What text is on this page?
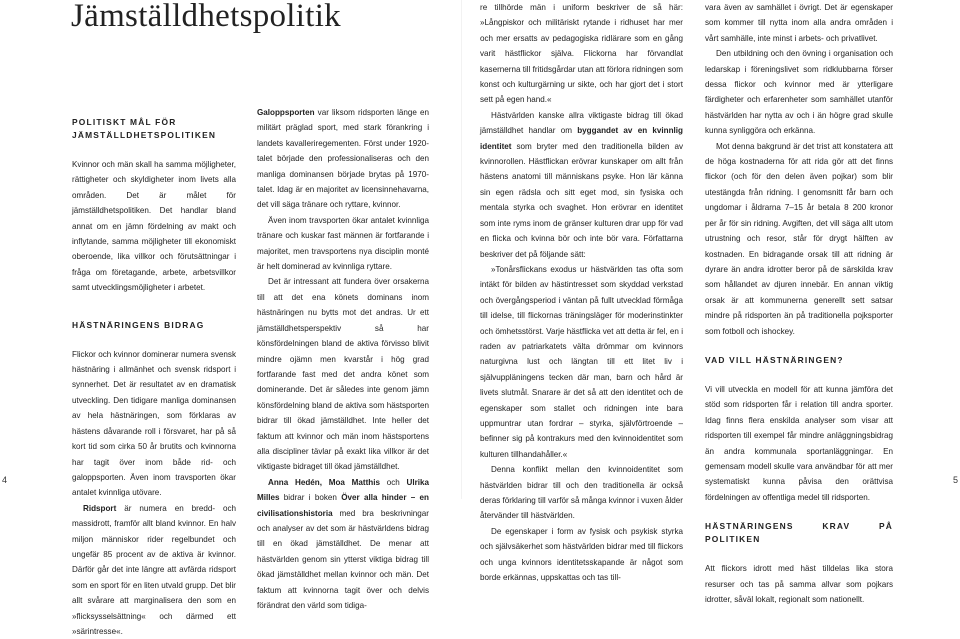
Jämställdhetspolitik
POLITISKT MÅL FÖR
JÄMSTÄLLDHETSPOLITIKEN

Kvinnor och män skall ha samma möjligheter, rättigheter och skyldigheter inom livets alla områden. Det är målet för jämställdhetspolitiken. Det handlar bland annat om en jämn fördelning av makt och inflytande, samma möjligheter till ekonomiskt oberoende, lika villkor och förutsättningar i fråga om företagande, arbete, arbetsvillkor samt utvecklingsmöjligheter i arbetet.

HÄSTNÄRINGENS BIDRAG

Flickor och kvinnor dominerar numera svensk hästnäring i allmänhet och svensk ridsport i synnerhet. Det är resultatet av en dramatisk utveckling. Den tidigare manliga dominansen av hela hästnäringen, som förklaras av hästens dåvarande roll i försvaret, har på så kort tid som cirka 50 år brutits och kvinnorna har tagit över inom både rid- och galoppsporten. Även inom travsporten ökar antalet kvinnliga utövare.

Ridsport är numera en bredd- och massidrott, framför allt bland kvinnor. En halv miljon människor rider regelbundet och ungefär 85 procent av de aktiva är kvinnor. Därför går det inte längre att avfärda ridsport som en sport för en liten utvald grupp. Det blir allt svårare att marginalisera den som en »flicksysselsättning« och därmed ett »särintresse«.

Galoppsporten var liksom ridsporten länge en militärt präglad sport, med stark förankring i landets kavalleriregementen. Först under 1920-talet började den professionaliseras och den manliga dominansen började brytas på 1970-talet. Idag är en majoritet av licensinnehavarna, det vill säga tränare och ryttare, kvinnor.

Även inom travsporten ökar antalet kvinnliga tränare och kuskar fast männen är fortfarande i majoritet, men travsportens nya disciplin monté är helt dominerad av kvinnliga ryttare.

Det är intressant att fundera över orsakerna till att det ena könets dominans inom hästnäringen nu bytts mot det andras. Ur ett jämställdhetsperspektiv så har könsfördelningen bland de aktiva förvisso blivit mindre ojämn men kvarstår i hög grad fortfarande fast med det andra könet som dominerande. Det är således inte genom jämn könsfördelning bland de aktiva som hästsporten bidrar till ökad jämställdhet. Inte heller det faktum att kvinnor och män inom hästsportens alla discipliner tävlar på exakt lika villkor är det viktigaste bidraget till ökad jämställdhet.

Anna Hedén, Moa Matthis och Ulrika Milles bidrar i boken Över alla hinder – en civilisationshistoria med bra beskrivningar och analyser av det som är hästvärldens bidrag till en ökad jämställdhet. De menar att hästvärlden genom sin ytterst viktiga bidrag till ökad jämställdhet mellan kvinnor och män. Det faktum att kvinnorna tagit över och delvis förändrat den värld som tidiga-

re tillhörde män i uniform beskriver de så här: »Långpiskor och militäriskt rytande i ridhuset har mer och mer ersatts av pedagogiska ridlärare som en gång varit hästflickor själva. Flickorna har förvandlat kasernerna till fritidsgårdar utan att förlora ridningen som konst och kulturgärning ur sikte, och har gjort det i stort sett på egen hand.«

Hästvärlden kanske allra viktigaste bidrag till ökad jämställdhet handlar om byggandet av en kvinnlig identitet som bryter med den traditionella bilden av kvinnorollen. Hästflickan erövrar kunskaper om allt från hästens anatomi till människans psyke. Hon lär känna sin egen rädsla och sitt eget mod, sin fysiska och mentala styrka och svaghet. Hon erövrar en identitet som inte ryms inom de gränser kulturen drar upp för vad en flicka och kvinna bör och inte bör vara. Författarna beskriver det på följande sätt:

»Tonårsflickans exodus ur hästvärlden tas ofta som intäkt för bilden av hästintresset som skyddad verkstad och övergångsperiod i väntan på fullt utvecklad förmåga till idelse, till flickornas träningsläger för moderinstinkter och ömhetsstörst. Varje hästflicka vet att detta är fel, en i raden av patriarkatets välta drömmar om kvinnors naturgivna lust och längtan till ett litet liv i självuppläningens tecken där man, barn och hård är livets slutmål. Snarare är det så att den identitet och de egenskaper som stallet och ridningen inte bara uppmuntrar utan fordrar – styrka, självförtroende – befinner sig på kontrakurs med den kvinnoidentitet som kulturen tillhandahåller.«

Denna konflikt mellan den kvinnoidentitet som hästvärlden bidrar till och den traditionella är också deras förklaring till varför så många kvinnor i vuxen ålder återvänder till hästvärlden.

De egenskaper i form av fysisk och psykisk styrka och självsäkerhet som hästvärlden bidrar med till flickors och unga kvinnors identitetsskapande är något som borde erkännas, uppskattas och tas till-

vara även av samhället i övrigt. Det är egenskaper som kommer till nytta inom alla andra områden i vårt samhälle, inte minst i arbets- och privatlivet.

Den utbildning och den övning i organisation och ledarskap i föreningslivet som ridklubbarna förser dessa flickor och kvinnor med är ytterligare färdigheter och erfarenheter som samhället utanför hästvärlden har nytta av och i än högre grad skulle kunna synliggöra och erkänna.

Mot denna bakgrund är det trist att konstatera att de höga kostnaderna för att rida gör att det finns flickor (och för den delen även pojkar) som blir utestängda från ridning. I genomsnitt får barn och ungdomar i åldrarna 7–15 år betala 8 200 kronor per år för sin ridning. Avgiften, det vill säga allt utom utrustning och resor, står för drygt hälften av kostnaden. En bidragande orsak till att ridning är dyrare än andra idrotter beror på de särskilda krav som hållandet av djuren innebär. En annan viktig orsak är att kommunerna generellt sett satsar mindre på ridsporten än på traditionella pojksporter som fotboll och ishockey.

VAD VILL HÄSTNÄRINGEN?

Vi vill utveckla en modell för att kunna jämföra det stöd som ridsporten får i relation till andra sporter. Idag finns flera enskilda analyser som visar att ridsporten till exempel får mindre anläggningsbidrag än andra kommunala sportanläggningar. En gemensam modell skulle vara användbar för att mer systematiskt kunna påvisa den orättvisa fördelningen av offentliga medel till ridsporten.

HÄSTNÄRINGENS KRAV PÅ POLITIKEN

Att flickors idrott med häst tilldelas lika stora resurser och tas på samma allvar som pojkars idrotter, såväl lokalt, regionalt som nationellt.

4	5
